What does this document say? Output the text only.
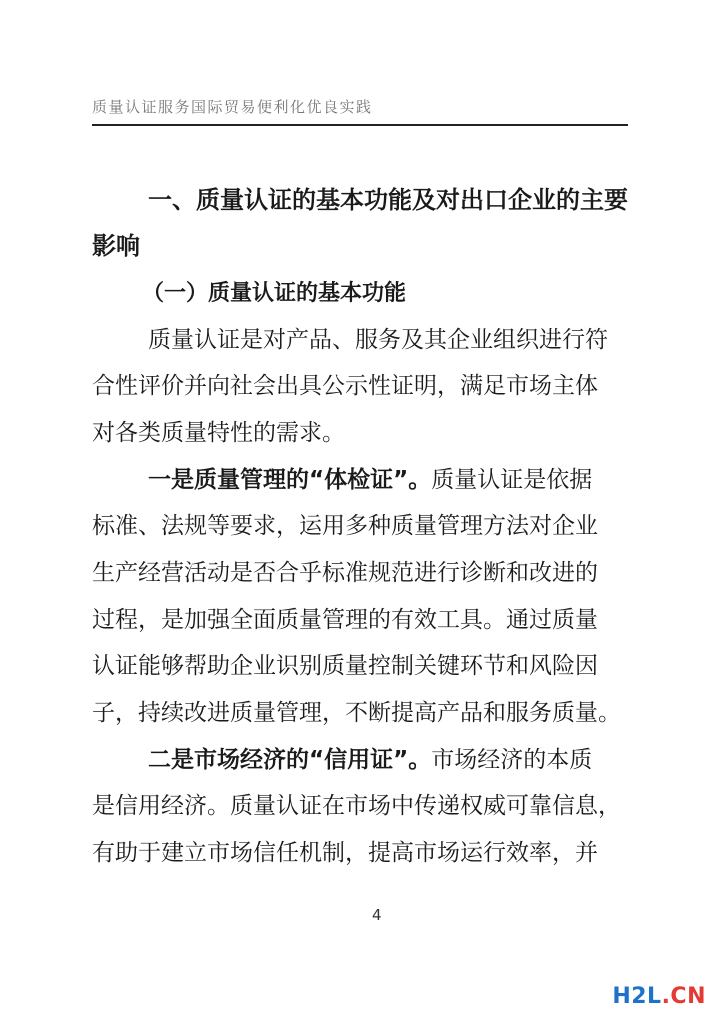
质量认证服务国际贸易便利化优良实践
一、质量认证的基本功能及对出口企业的主要
影响
（一）质量认证的基本功能
质量认证是对产品、服务及其企业组织进行符
合性评价并向社会出具公示性证明，满足市场主体
对各类质量特性的需求。
一是质量管理的“体检证”。质量认证是依据
标准、法规等要求，运用多种质量管理方法对企业
生产经营活动是否合乎标准规范进行诊断和改进的
过程，是加强全面质量管理的有效工具。通过质量
认证能够帮助企业识别质量控制关键环节和风险因
子，持续改进质量管理，不断提高产品和服务质量。
二是市场经济的“信用证”。市场经济的本质
是信用经济。质量认证在市场中传递权威可靠信息，
有助于建立市场信任机制，提高市场运行效率，并
4
H2L.CN
